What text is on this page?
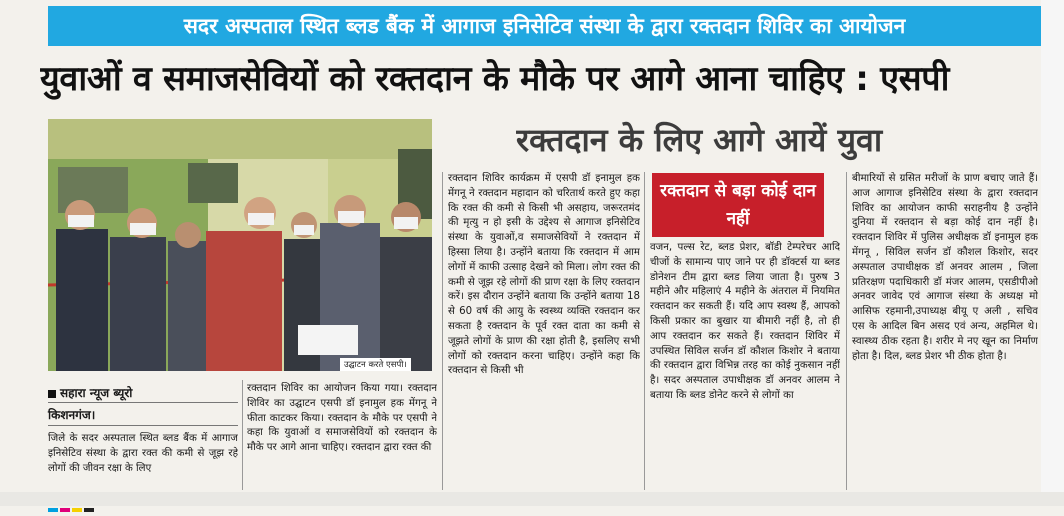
सदर अस्पताल स्थित ब्लड बैंक में आगाज इनिसेटिव संस्था के द्वारा रक्तदान शिविर का आयोजन
युवाओं व समाजसेवियों को रक्तदान के मौके पर आगे आना चाहिए : एसपी
उद्घाटन करते एसपी।
रक्तदान के लिए आगे आयें युवा
सहारा न्यूज ब्यूरो
किशनगंज।
जिले के सदर अस्पताल स्थित ब्लड बैंक में आगाज इनिसेटिव संस्था के द्वारा रक्त की कमी से जूझ रहे लोगों की जीवन रक्षा के लिए
रक्तदान शिविर का आयोजन किया गया। रक्तदान शिविर का उद्घाटन एसपी डॉ इनामुल हक मेंगनू ने फीता काटकर किया। रक्तदान के मौके पर एसपी ने कहा कि युवाओं व समाजसेवियों को रक्तदान के मौके पर आगे आना चाहिए। रक्तदान द्वारा रक्त की
रक्तदान शिविर कार्यक्रम में एसपी डॉ इनामुल हक मेंगनू ने रक्तदान महादान को चरितार्थ करते हुए कहा कि रक्त की कमी से किसी भी असहाय, जरूरतमंद की मृत्यु न हो इसी के उद्देश्य से आगाज इनिसेटिव संस्था के युवाओं,व समाजसेवियों ने रक्तदान में हिस्सा लिया है। उन्होंने बताया कि रक्तदान में आम लोगों में काफी उत्साह देखने को मिला। लोग रक्त की कमी से जूझ रहे लोगों की प्राण रक्षा के लिए रक्तदान करें। इस दौरान उन्होंने बताया कि उन्होंने बताया 18 से 60 वर्ष की आयु के स्वस्थ्य व्यक्ति रक्तदान कर सकता है रक्तदान के पूर्व रक्त दाता का कमी से जूझते लोगों के प्राण की रक्षा होती है, इसलिए सभी लोगों को रक्तदान करना चाहिए। उन्होंने कहा कि रक्तदान से किसी भी
रक्तदान से बड़ा कोई दान नहीं
वजन, पल्स रेट, ब्लड प्रेशर, बॉडी टेम्परेचर आदि चीजों के सामान्य पाए जाने पर ही डॉक्टर्स या ब्लड डोनेशन टीम द्वारा ब्लड लिया जाता है। पुरुष 3 महीने और महिलाएं 4 महीने के अंतराल में नियमित रक्तदान कर सकती हैं। यदि आप स्वस्थ हैं, आपको किसी प्रकार का बुखार या बीमारी नहीं है, तो ही आप रक्तदान कर सकते हैं। रक्तदान शिविर में उपस्थित सिविल सर्जन डॉ कौशल किशोर ने बताया की रक्तदान द्वारा विभिन्न तरह का कोई नुकसान नहीं है। सदर अस्पताल उपाधीक्षक डॉ अनवर आलम ने बताया कि ब्लड डोनेट करने से लोगों का
बीमारियों से ग्रसित मरीजों के प्राण बचाए जाते हैं। आज आगाज इनिसेटिव संस्था के द्वारा रक्तदान शिविर का आयोजन काफी सराहनीय है उन्होंने दुनिया में रक्तदान से बड़ा कोई दान नहीं है। रक्तदान शिविर में पुलिस अधीक्षक डॉ इनामुल हक मेंगनू , सिविल सर्जन डॉ कौशल किशोर, सदर अस्पताल उपाधीक्षक डॉ अनवर आलम , जिला प्रतिरक्षण पदाधिकारी डॉ मंजर आलम, एसडीपीओ अनवर जावेद एवं आगाज संस्था के अध्यक्ष मो आसिफ रहमानी,उपाध्यक्ष बीयू ए अली , सचिव एस के आदिल बिन असद एवं अन्य, अहमिल थे। स्वास्थ्य ठीक रहता है। शरीर मे नए खून का निर्माण होता है। दिल, ब्लड प्रेशर भी ठीक होता है।
